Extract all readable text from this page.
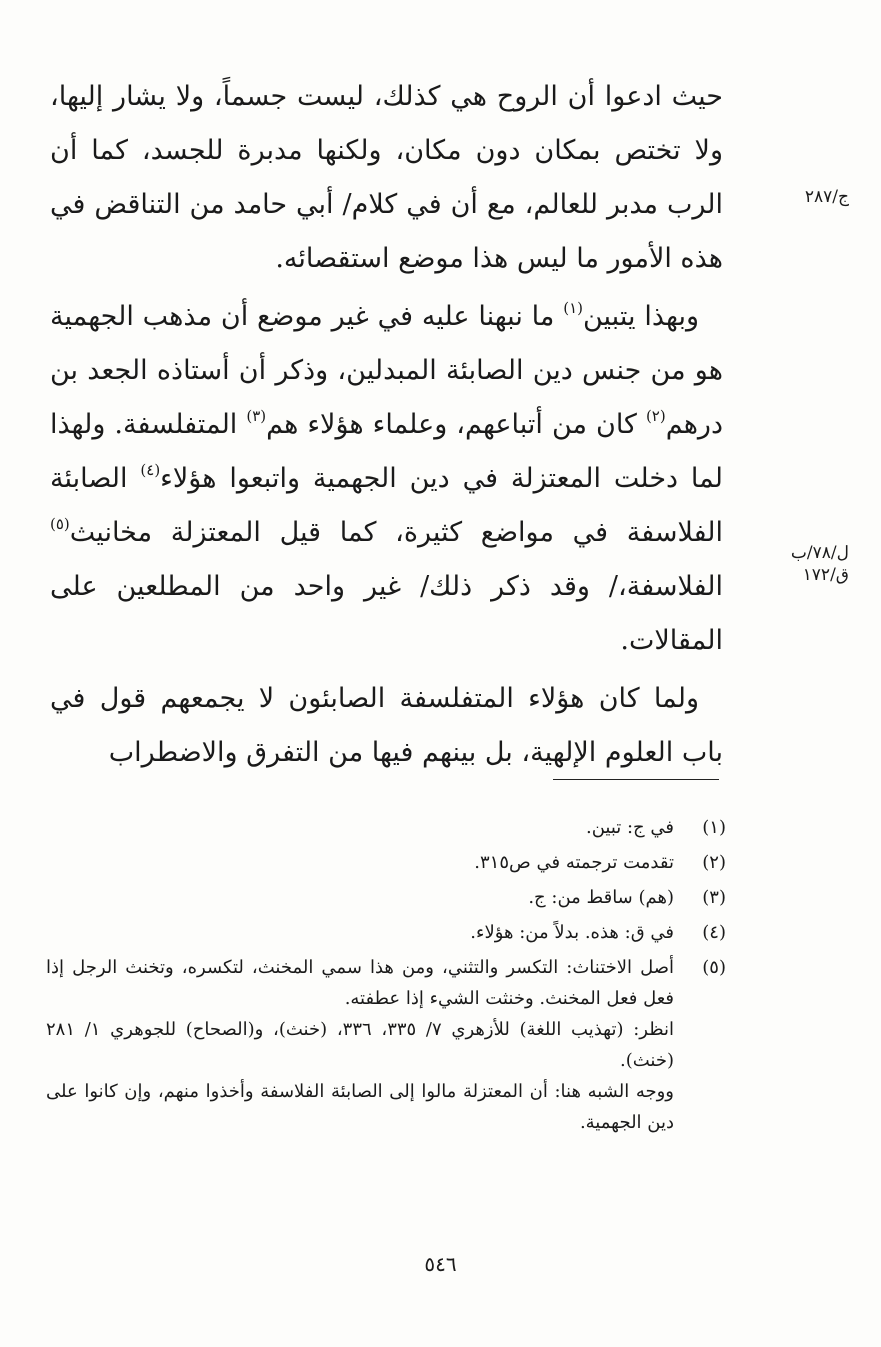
ج/٢٨٧
ل/٧٨/ب
ق/١٧٢

حيث ادعوا أن الروح هي كذلك، ليست جسماً، ولا يشار إليها، ولا تختص بمكان دون مكان، ولكنها مدبرة للجسد، كما أن الرب مدبر للعالم، مع أن في كلام/ أبي حامد من التناقض في هذه الأمور ما ليس هذا موضع استقصائه.

وبهذا يتبين$^{(١)}$ ما نبهنا عليه في غير موضع أن مذهب الجهمية هو من جنس دين الصابئة المبدلين، وذكر أن أستاذه الجعد بن درهم$^{(٢)}$ كان من أتباعهم، وعلماء هؤلاء هم$^{(٣)}$ المتفلسفة. ولهذا لما دخلت المعتزلة في دين الجهمية واتبعوا هؤلاء$^{(٤)}$ الصابئة الفلاسفة في مواضع كثيرة، كما قيل المعتزلة مخانيث$^{(٥)}$ الفلاسفة،/ وقد ذكر ذلك/ غير واحد من المطلعين على المقالات.

ولما كان هؤلاء المتفلسفة الصابئون لا يجمعهم قول في باب العلوم الإلهية، بل بينهم فيها من التفرق والاضطراب

(١)

في ج: تبين.

(٢)

تقدمت ترجمته في ص٣١٥.

(٣)

(هم) ساقط من: ج.

(٤)

في ق: هذه. بدلاً من: هؤلاء.

(٥)

أصل الاختناث: التكسر والتثني، ومن هذا سمي المخنث، لتكسره، وتخنث الرجل إذا فعل فعل المخنث. وخنثت الشيء إذا عطفته.

انظر: (تهذيب اللغة) للأزهري ٧/ ٣٣٥، ٣٣٦، (خنث)، و(الصحاح) للجوهري ١/ ٢٨١ (خنث).

ووجه الشبه هنا: أن المعتزلة مالوا إلى الصابئة الفلاسفة وأخذوا منهم، وإن كانوا على دين الجهمية.

٥٤٦
